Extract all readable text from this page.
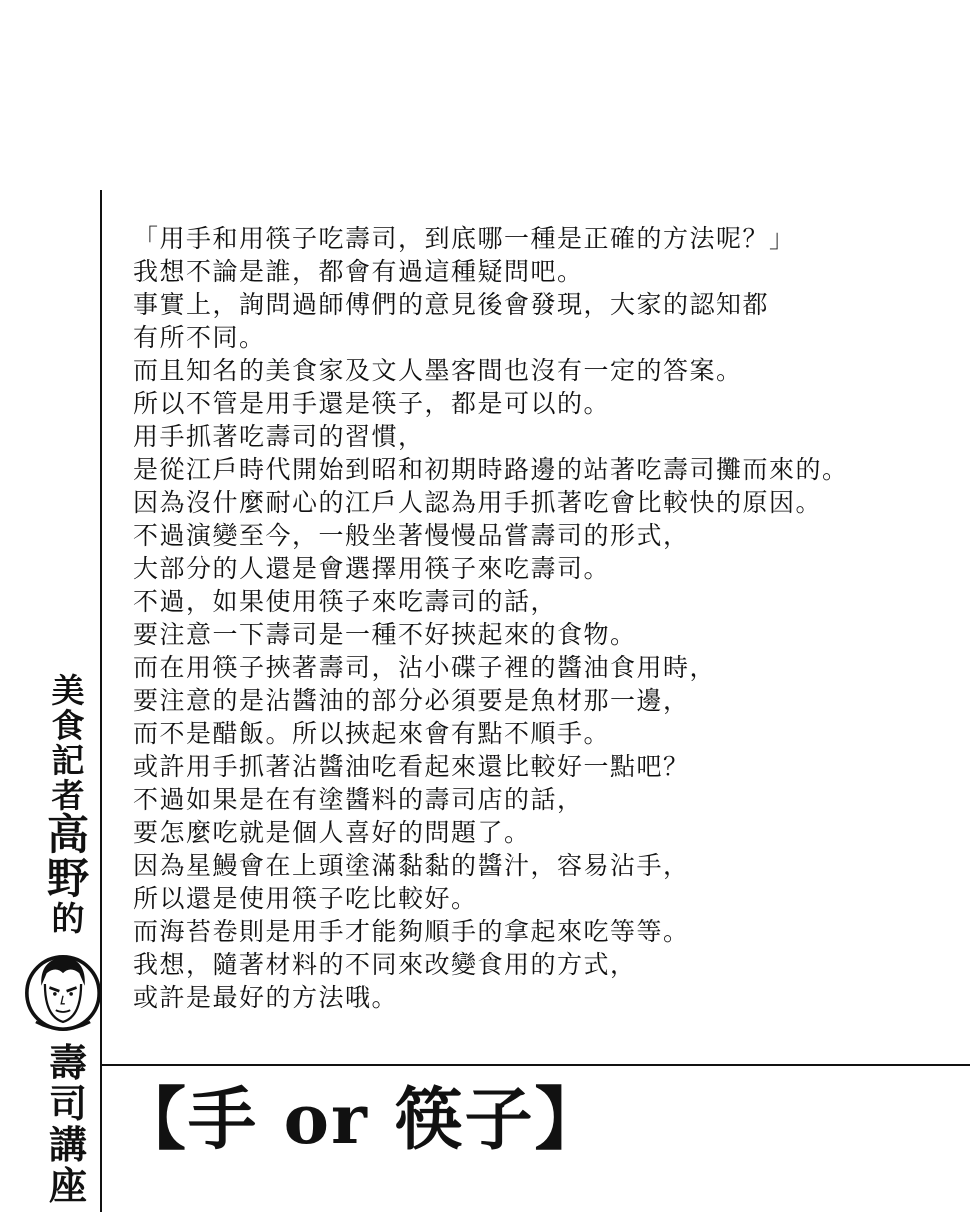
「用手和用筷子吃壽司，到底哪一種是正確的方法呢？」
我想不論是誰，都會有過這種疑問吧。
事實上，詢問過師傅們的意見後會發現，大家的認知都
有所不同。
而且知名的美食家及文人墨客間也沒有一定的答案。
所以不管是用手還是筷子，都是可以的。
用手抓著吃壽司的習慣，
是從江戶時代開始到昭和初期時路邊的站著吃壽司攤而來的。
因為沒什麼耐心的江戶人認為用手抓著吃會比較快的原因。
不過演變至今，一般坐著慢慢品嘗壽司的形式，
大部分的人還是會選擇用筷子來吃壽司。
不過，如果使用筷子來吃壽司的話，
要注意一下壽司是一種不好挾起來的食物。
而在用筷子挾著壽司，沾小碟子裡的醬油食用時，
要注意的是沾醬油的部分必須要是魚材那一邊，
而不是醋飯。所以挾起來會有點不順手。
或許用手抓著沾醬油吃看起來還比較好一點吧？
不過如果是在有塗醬料的壽司店的話，
要怎麼吃就是個人喜好的問題了。
因為星鰻會在上頭塗滿黏黏的醬汁，容易沾手，
所以還是使用筷子吃比較好。
而海苔卷則是用手才能夠順手的拿起來吃等等。
我想，隨著材料的不同來改變食用的方式，
或許是最好的方法哦。
【手 or 筷子】
美
食
記
者
高
野
的
壽
司
講
座
